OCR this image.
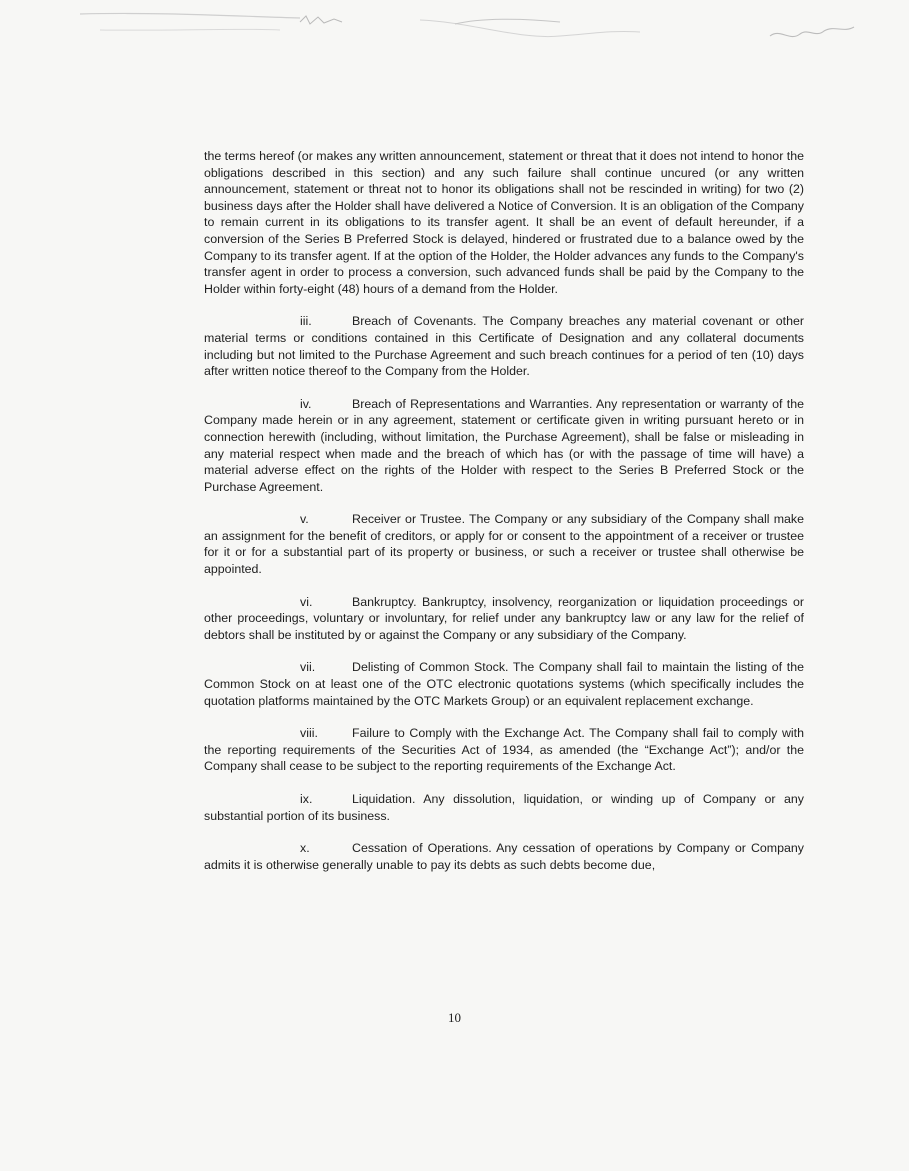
the terms hereof (or makes any written announcement, statement or threat that it does not intend to honor the obligations described in this section) and any such failure shall continue uncured (or any written announcement, statement or threat not to honor its obligations shall not be rescinded in writing) for two (2) business days after the Holder shall have delivered a Notice of Conversion. It is an obligation of the Company to remain current in its obligations to its transfer agent. It shall be an event of default hereunder, if a conversion of the Series B Preferred Stock is delayed, hindered or frustrated due to a balance owed by the Company to its transfer agent. If at the option of the Holder, the Holder advances any funds to the Company's transfer agent in order to process a conversion, such advanced funds shall be paid by the Company to the Holder within forty-eight (48) hours of a demand from the Holder.

iii.	Breach of Covenants. The Company breaches any material covenant or other material terms or conditions contained in this Certificate of Designation and any collateral documents including but not limited to the Purchase Agreement and such breach continues for a period of ten (10) days after written notice thereof to the Company from the Holder.

iv.	Breach of Representations and Warranties. Any representation or warranty of the Company made herein or in any agreement, statement or certificate given in writing pursuant hereto or in connection herewith (including, without limitation, the Purchase Agreement), shall be false or misleading in any material respect when made and the breach of which has (or with the passage of time will have) a material adverse effect on the rights of the Holder with respect to the Series B Preferred Stock or the Purchase Agreement.

v.	Receiver or Trustee. The Company or any subsidiary of the Company shall make an assignment for the benefit of creditors, or apply for or consent to the appointment of a receiver or trustee for it or for a substantial part of its property or business, or such a receiver or trustee shall otherwise be appointed.

vi.	Bankruptcy. Bankruptcy, insolvency, reorganization or liquidation proceedings or other proceedings, voluntary or involuntary, for relief under any bankruptcy law or any law for the relief of debtors shall be instituted by or against the Company or any subsidiary of the Company.

vii.	Delisting of Common Stock. The Company shall fail to maintain the listing of the Common Stock on at least one of the OTC electronic quotations systems (which specifically includes the quotation platforms maintained by the OTC Markets Group) or an equivalent replacement exchange.

viii.	Failure to Comply with the Exchange Act. The Company shall fail to comply with the reporting requirements of the Securities Act of 1934, as amended (the “Exchange Act”); and/or the Company shall cease to be subject to the reporting requirements of the Exchange Act.

ix.	Liquidation. Any dissolution, liquidation, or winding up of Company or any substantial portion of its business.

x.	Cessation of Operations. Any cessation of operations by Company or Company admits it is otherwise generally unable to pay its debts as such debts become due,

10
